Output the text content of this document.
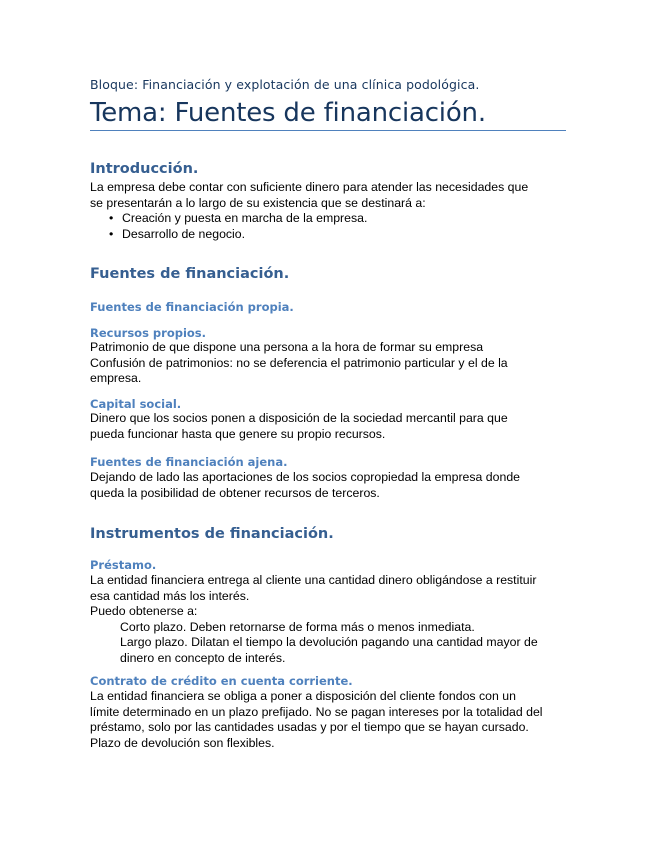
Bloque: Financiación y explotación de una clínica podológica.
Tema: Fuentes de financiación.
Introducción.
La empresa debe contar con suficiente dinero para atender las necesidades que
se presentarán a lo largo de su existencia que se destinará a:
• Creación y puesta en marcha de la empresa.
• Desarrollo de negocio.
Fuentes de financiación.
Fuentes de financiación propia.
Recursos propios.
Patrimonio de que dispone una persona a la hora de formar su empresa
Confusión de patrimonios: no se deferencia el patrimonio particular y el de la
empresa.
Capital social.
Dinero que los socios ponen a disposición de la sociedad mercantil para que
pueda funcionar hasta que genere su propio recursos.
Fuentes de financiación ajena.
Dejando de lado las aportaciones de los socios copropiedad la empresa donde
queda la posibilidad de obtener recursos de terceros.
Instrumentos de financiación.
Préstamo.
La entidad financiera entrega al cliente una cantidad dinero obligándose a restituir
esa cantidad más los interés.
Puedo obtenerse a:
Corto plazo. Deben retornarse de forma más o menos inmediata.
Largo plazo. Dilatan el tiempo la devolución pagando una cantidad mayor de
dinero en concepto de interés.
Contrato de crédito en cuenta corriente.
La entidad financiera se obliga a poner a disposición del cliente fondos con un
límite determinado en un plazo prefijado. No se pagan intereses por la totalidad del
préstamo, solo por las cantidades usadas y por el tiempo que se hayan cursado.
Plazo de devolución son flexibles.
